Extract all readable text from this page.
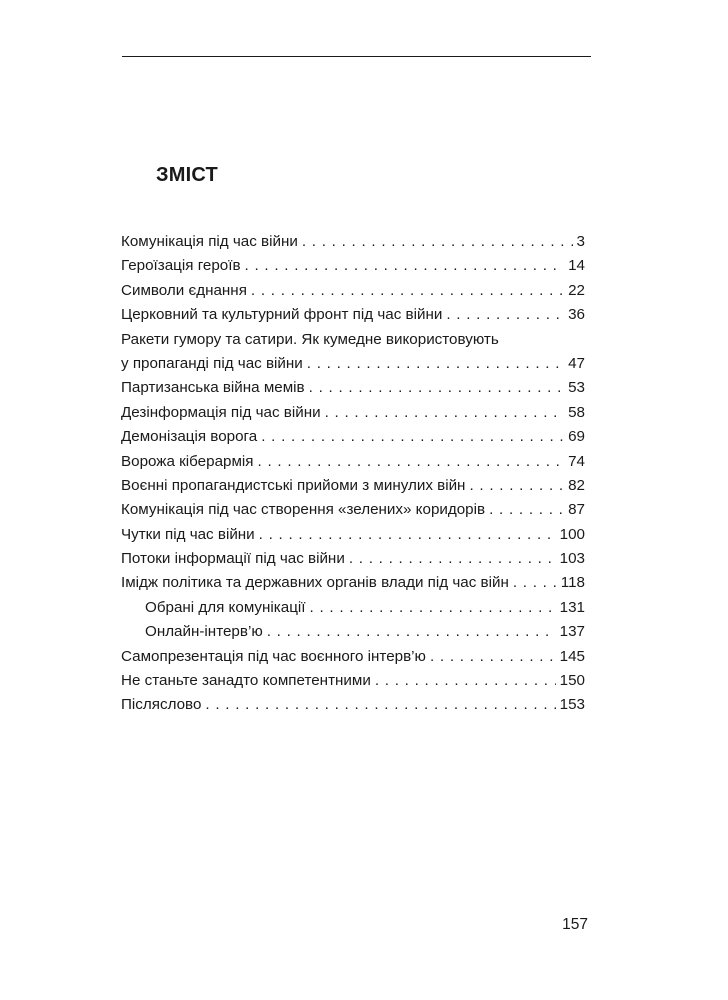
ЗМІСТ
Комунікація під час війни . . .	3
Героїзація героїв . . .	14
Символи єднання . . .	22
Церковний та культурний фронт під час війни . . .	36
Ракети гумору та сатири. Як кумедне використовують
у пропаганді під час війни . . .	47
Партизанська війна мемів . . .	53
Дезінформація під час війни . . .	58
Демонізація ворога . . .	69
Ворожа кіберармія . . .	74
Воєнні пропагандистські прийоми з минулих війн . . .	82
Комунікація під час створення «зелених» коридорів . . .	87
Чутки під час війни . . .	100
Потоки інформації під час війни . . .	103
Імідж політика та державних органів влади під час війн . . .	118
Обрані для комунікації . . .	131
Онлайн-інтерв’ю . . .	137
Самопрезентація під час воєнного інтерв’ю . . .	145
Не станьте занадто компетентними . . .	150
Післяслово . . .	153
157
